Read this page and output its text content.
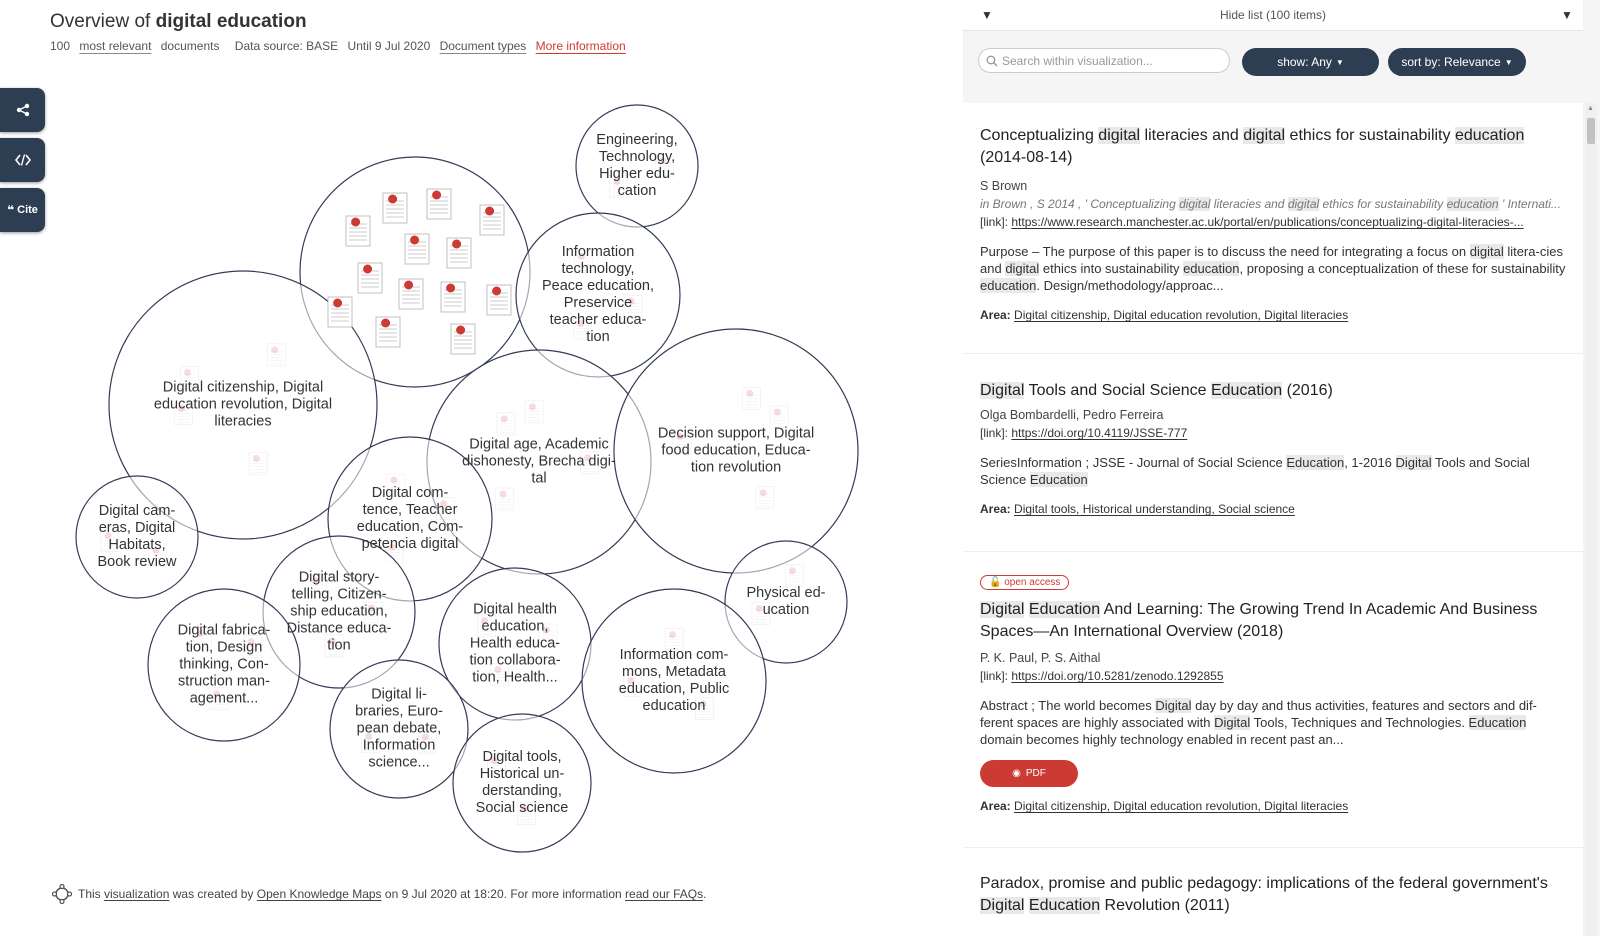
Overview of digital education
100 most relevant documents Data source: BASE Until 9 Jul 2020 Document types More information
❝ Cite
Engineering,
Technology,
Higher edu-
cation
Information
technology,
Peace education,
Preservice
teacher educa-
tion
Digital citizenship, Digital
education revolution, Digital
literacies
Digital age, Academic
dishonesty, Brecha digi-
tal
Decision support, Digital
food education, Educa-
tion revolution
Digital com-
tence, Teacher
education, Com-
petencia digital
Digital cam-
eras, Digital
Habitats,
Book review
Digital story-
telling, Citizen-
ship education,
Distance educa-
tion
Physical ed-
ucation
Digital health
education,
Health educa-
tion collabora-
tion, Health...
Information com-
mons, Metadata
education, Public
education
Digital fabrica-
tion, Design
thinking, Con-
struction man-
agement...	Digital li-
braries, Euro-
pean debate,
Information
science...	Digital tools,
Historical un-
derstanding,
Social science
This visualization was created by Open Knowledge Maps on 9 Jul 2020 at 18:20. For more information read our FAQs.
▼	Hide list (100 items)	▼
Search within visualization...	show: Any ▼	sort by: Relevance ▼
Conceptualizing digital literacies and digital ethics for sustainability education (2014-08-14)
S Brown
in Brown , S 2014 , ' Conceptualizing digital literacies and digital ethics for sustainability education ' Internati...
[link]: https://www.research.manchester.ac.uk/portal/en/publications/conceptualizing-digital-literacies-...
Purpose – The purpose of this paper is to discuss the need for integrating a focus on digital litera-cies and digital ethics into sustainability education, proposing a conceptualization of these for sustainability education. Design/methodology/approac...
Area: Digital citizenship, Digital education revolution, Digital literacies
Digital Tools and Social Science Education (2016)
Olga Bombardelli, Pedro Ferreira
[link]: https://doi.org/10.4119/JSSE-777
SeriesInformation ; JSSE - Journal of Social Science Education, 1-2016 Digital Tools and Social Science Education
Area: Digital tools, Historical understanding, Social science
🔓 open access
Digital Education And Learning: The Growing Trend In Academic And Business Spaces—An International Overview (2018)
P. K. Paul, P. S. Aithal
[link]: https://doi.org/10.5281/zenodo.1292855
Abstract ; The world becomes Digital day by day and thus activities, features and sectors and dif-ferent spaces are highly associated with Digital Tools, Techniques and Technologies. Education domain becomes highly technology enabled in recent past an...
◉ PDF
Area: Digital citizenship, Digital education revolution, Digital literacies
Paradox, promise and public pedagogy: implications of the federal government's Digital Education Revolution (2011)
▲
